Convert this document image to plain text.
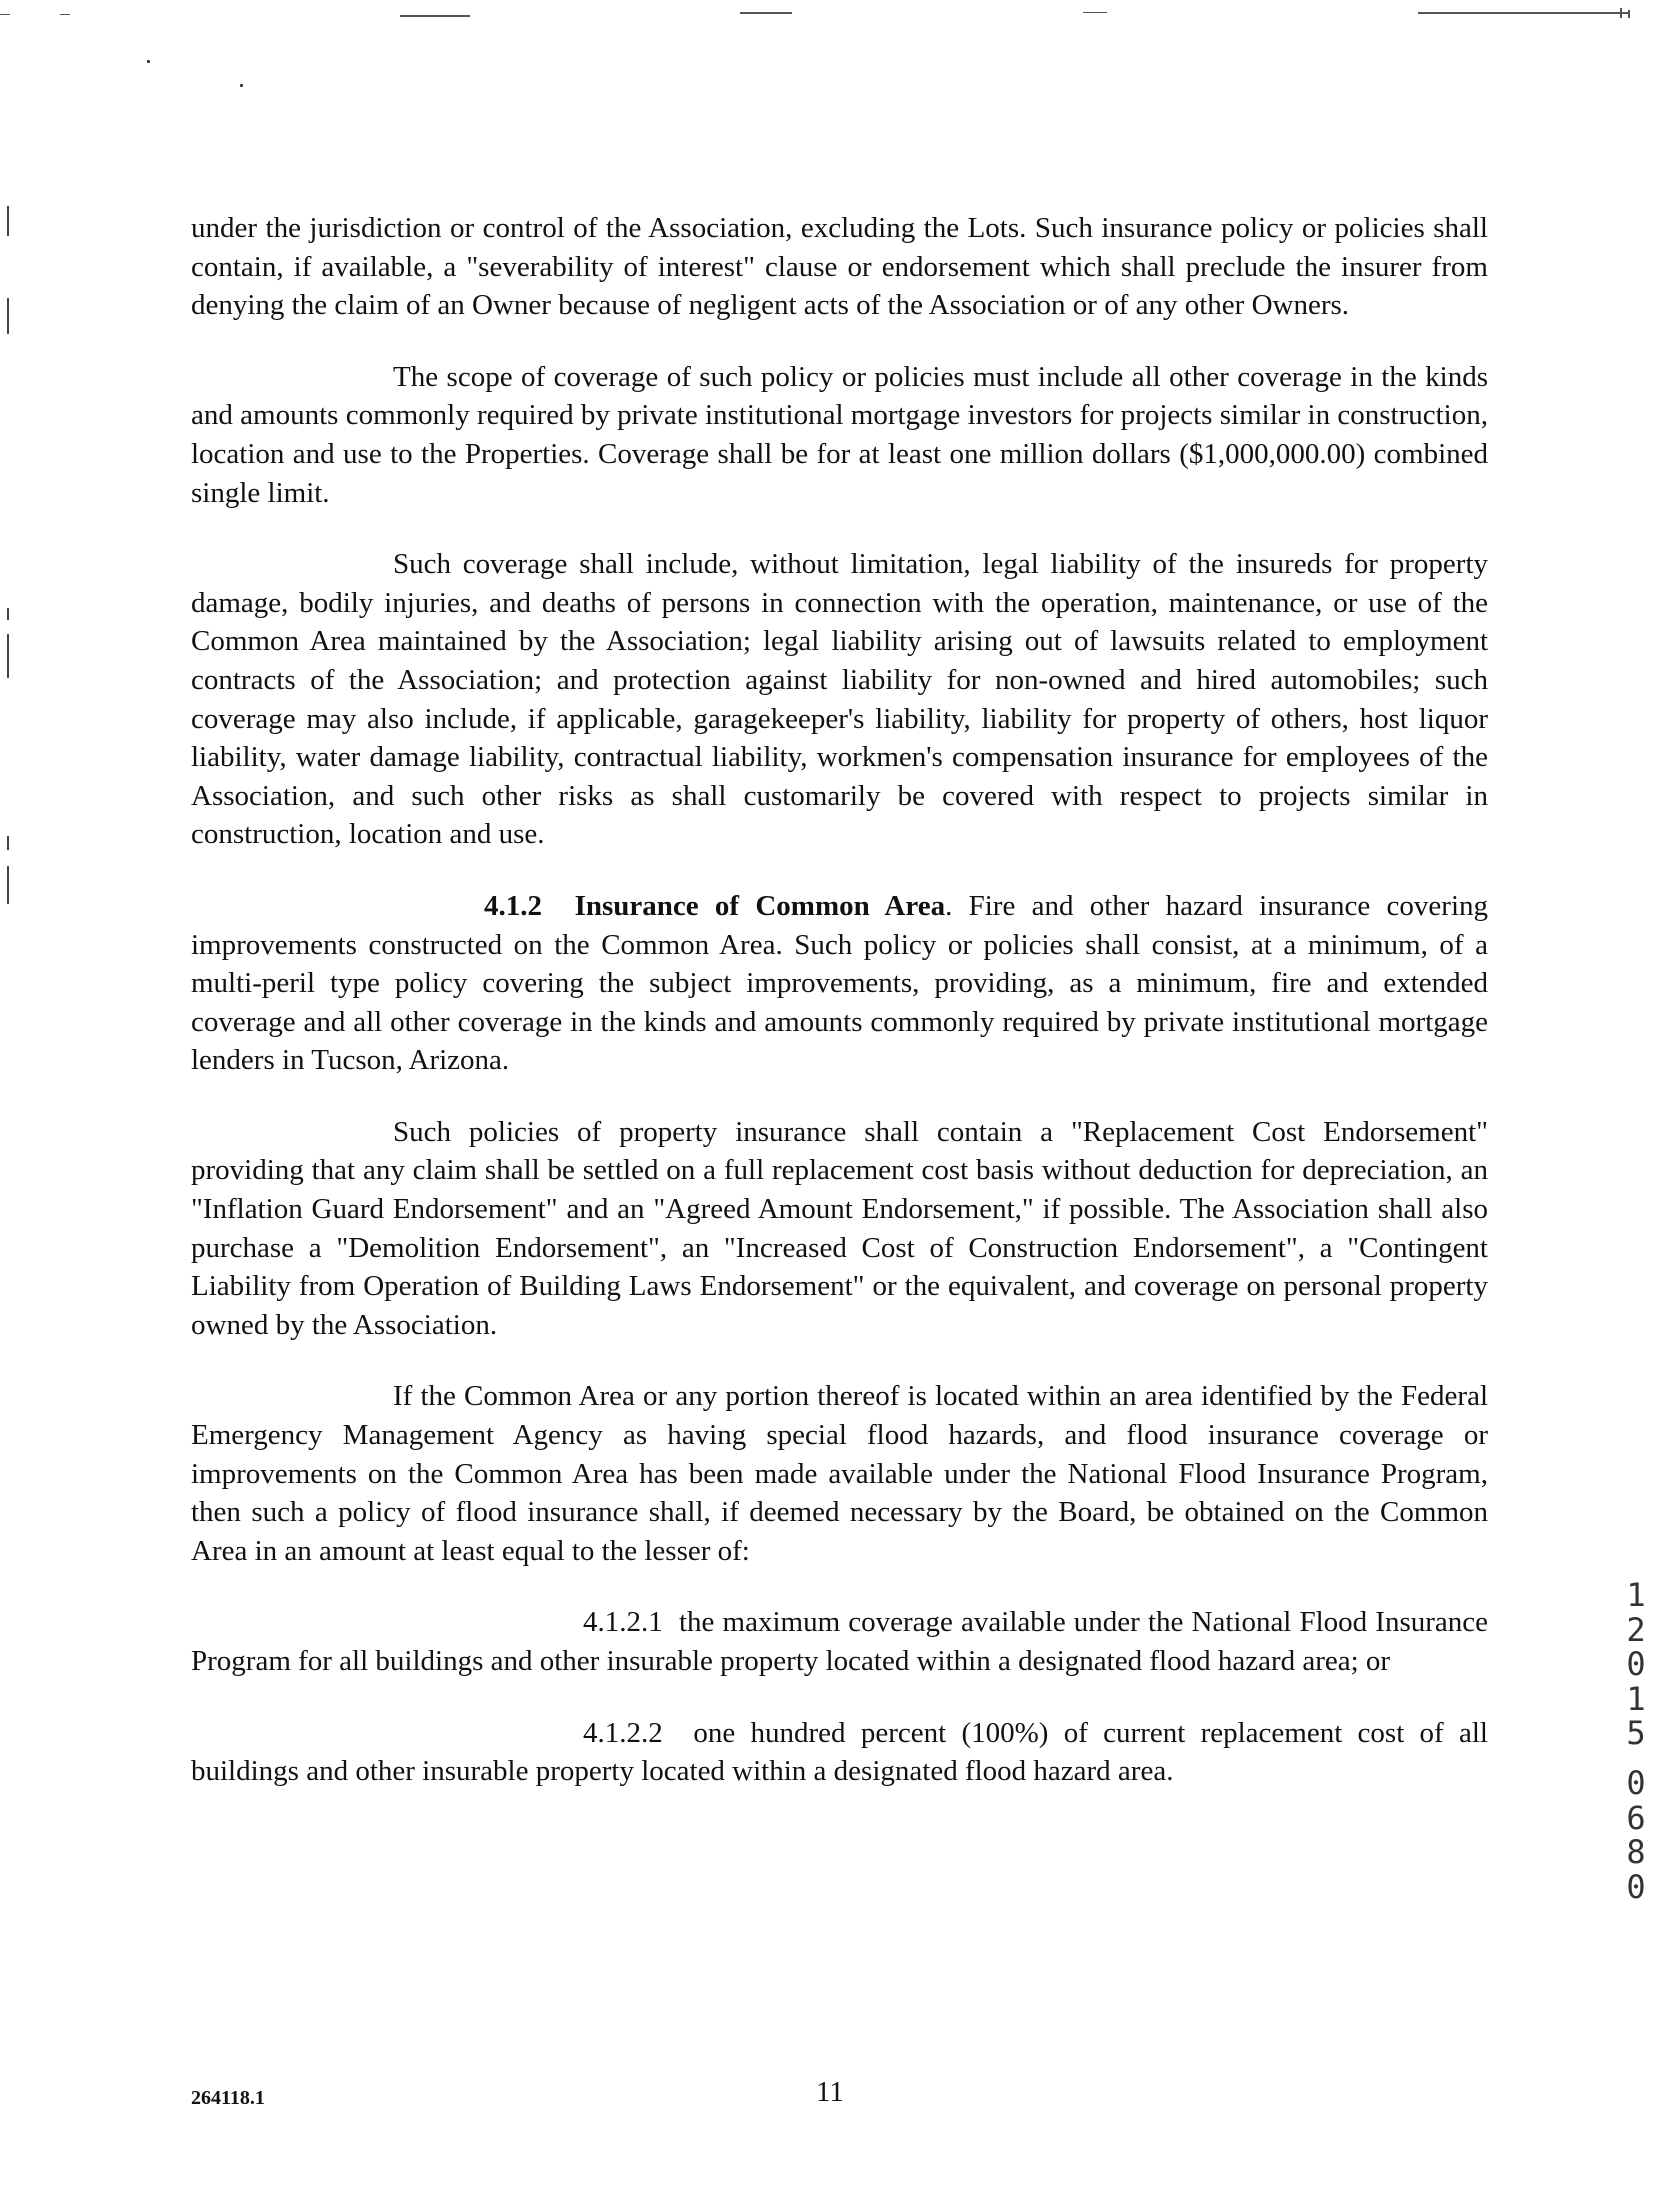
under the jurisdiction or control of the Association, excluding the Lots. Such insurance policy or policies shall contain, if available, a "severability of interest" clause or endorsement which shall preclude the insurer from denying the claim of an Owner because of negligent acts of the Association or of any other Owners.

The scope of coverage of such policy or policies must include all other coverage in the kinds and amounts commonly required by private institutional mortgage investors for projects similar in construction, location and use to the Properties. Coverage shall be for at least one million dollars ($1,000,000.00) combined single limit.

Such coverage shall include, without limitation, legal liability of the insureds for property damage, bodily injuries, and deaths of persons in connection with the operation, maintenance, or use of the Common Area maintained by the Association; legal liability arising out of lawsuits related to employment contracts of the Association; and protection against liability for non-owned and hired automobiles; such coverage may also include, if applicable, garagekeeper's liability, liability for property of others, host liquor liability, water damage liability, contractual liability, workmen's compensation insurance for employees of the Association, and such other risks as shall customarily be covered with respect to projects similar in construction, location and use.

4.1.2 Insurance of Common Area. Fire and other hazard insurance covering improvements constructed on the Common Area. Such policy or policies shall consist, at a minimum, of a multi-peril type policy covering the subject improvements, providing, as a minimum, fire and extended coverage and all other coverage in the kinds and amounts commonly required by private institutional mortgage lenders in Tucson, Arizona.

Such policies of property insurance shall contain a "Replacement Cost Endorsement" providing that any claim shall be settled on a full replacement cost basis without deduction for depreciation, an "Inflation Guard Endorsement" and an "Agreed Amount Endorsement," if possible. The Association shall also purchase a "Demolition Endorsement", an "Increased Cost of Construction Endorsement", a "Contingent Liability from Operation of Building Laws Endorsement" or the equivalent, and coverage on personal property owned by the Association.

If the Common Area or any portion thereof is located within an area identified by the Federal Emergency Management Agency as having special flood hazards, and flood insurance coverage or improvements on the Common Area has been made available under the National Flood Insurance Program, then such a policy of flood insurance shall, if deemed necessary by the Board, be obtained on the Common Area in an amount at least equal to the lesser of:

4.1.2.1 the maximum coverage available under the National Flood Insurance Program for all buildings and other insurable property located within a designated flood hazard area; or

4.1.2.2 one hundred percent (100%) of current replacement cost of all buildings and other insurable property located within a designated flood hazard area.

1
2
0
1
5
0
6
8
0
264118.1	11
